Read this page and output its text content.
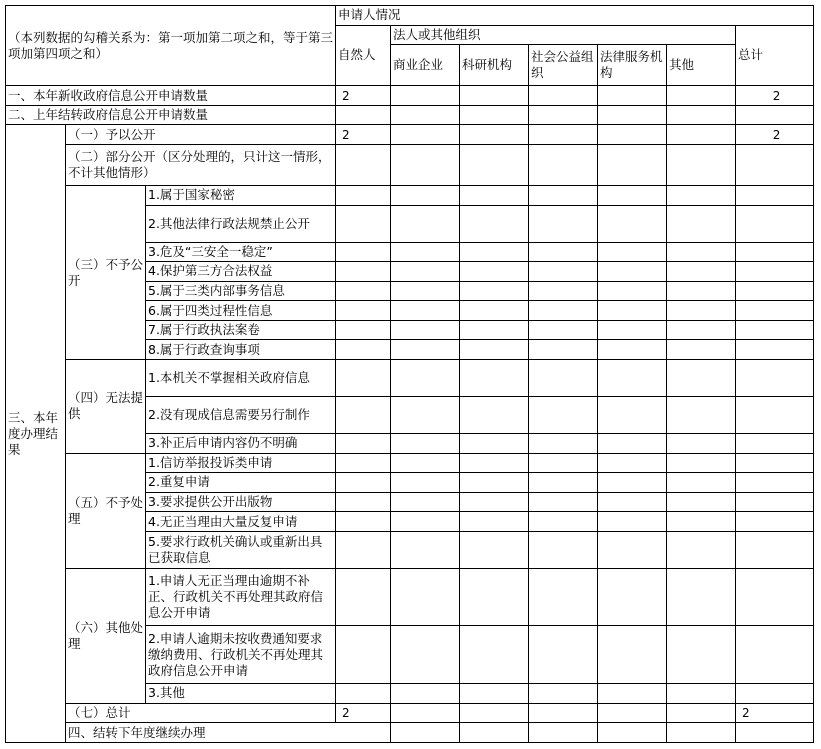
（本列数据的勾稽关系为：第一项加第二项之和，等于第三项加第四项之和）			申请人情况							
			自然人	法人或其他组织					总计	
				商业企业	科研机构	社会公益组织	法律服务机构	其他		
一、本年新收政府信息公开申请数量			2						2	
二、上年结转政府信息公开申请数量										
三、本年度办理结果	（一）予以公开		2						2	
	（二）部分公开（区分处理的，只计这一情形，不计其他情形）									
	（三）不予公开	1.属于国家秘密								
		2.其他法律行政法规禁止公开								
		3.危及“三安全一稳定”								
		4.保护第三方合法权益								
		5.属于三类内部事务信息								
		6.属于四类过程性信息								
		7.属于行政执法案卷								
		8.属于行政查询事项								
	（四）无法提供	1.本机关不掌握相关政府信息								
		2.没有现成信息需要另行制作								
		3.补正后申请内容仍不明确								
	（五）不予处理	1.信访举报投诉类申请								
		2.重复申请								
		3.要求提供公开出版物								
		4.无正当理由大量反复申请								
		5.要求行政机关确认或重新出具已获取信息								
	（六）其他处理	1.申请人无正当理由逾期不补正、行政机关不再处理其政府信息公开申请								
		2.申请人逾期未按收费通知要求缴纳费用、行政机关不再处理其政府信息公开申请								
		3.其他								
	（七）总计		2						2	
	四、结转下年度继续办理									
